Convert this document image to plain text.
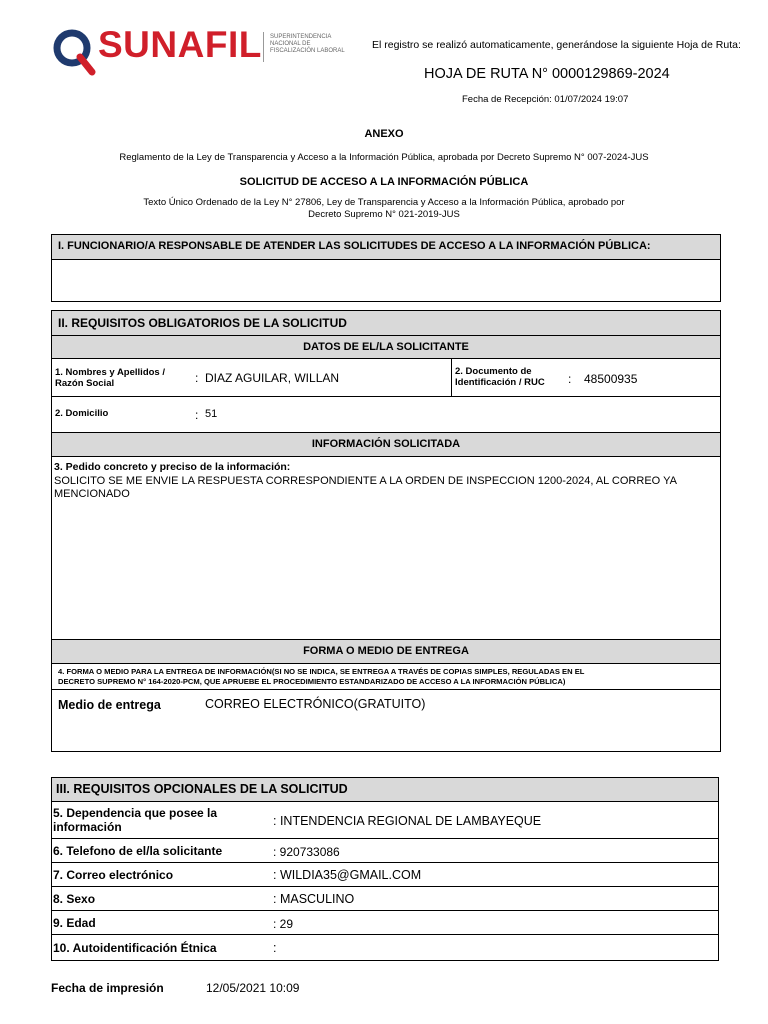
SUNAFIL SUPERINTENDENCIA NACIONAL DE FISCALIZACIÓN LABORAL	El registro se realizó automaticamente, generándose la siguiente Hoja de Ruta:
HOJA DE RUTA N° 0000129869-2024
Fecha de Recepción: 01/07/2024 19:07
ANEXO
Reglamento de la Ley de Transparencia y Acceso a la Información Pública, aprobada por Decreto Supremo N° 007-2024-JUS
SOLICITUD DE ACCESO A LA INFORMACIÓN PÚBLICA
Texto Único Ordenado de la Ley N° 27806, Ley de Transparencia y Acceso a la Información Pública, aprobado por
Decreto Supremo N° 021-2019-JUS
I. FUNCIONARIO/A RESPONSABLE DE ATENDER LAS SOLICITUDES DE ACCESO A LA INFORMACIÓN PÚBLICA:
II. REQUISITOS OBLIGATORIOS DE LA SOLICITUD
DATOS DE EL/LA SOLICITANTE
1. Nombres y Apellidos /
Razón Social	: DIAZ AGUILAR, WILLAN	2. Documento de
Identificación / RUC : 48500935
2. Domicilio	: 51
INFORMACIÓN SOLICITADA
3. Pedido concreto y preciso de la información:
SOLICITO SE ME ENVIE LA RESPUESTA CORRESPONDIENTE A LA ORDEN DE INSPECCION 1200-2024, AL CORREO YA
MENCIONADO
FORMA O MEDIO DE ENTREGA
4. FORMA O MEDIO PARA LA ENTREGA DE INFORMACIÓN(SI NO SE INDICA, SE ENTREGA A TRAVÉS DE COPIAS SIMPLES, REGULADAS EN EL
DECRETO SUPREMO N° 164-2020-PCM, QUE APRUEBE EL PROCEDIMIENTO ESTANDARIZADO DE ACCESO A LA INFORMACIÓN PÚBLICA)
Medio de entrega	CORREO ELECTRÓNICO(GRATUITO)
III. REQUISITOS OPCIONALES DE LA SOLICITUD
5. Dependencia que posee la
información	: INTENDENCIA REGIONAL DE LAMBAYEQUE
6. Telefono de el/la solicitante	: 920733086
7. Correo electrónico	: WILDIA35@GMAIL.COM
8. Sexo	: MASCULINO
9. Edad	: 29
10. Autoidentificación Étnica	:
Fecha de impresión	12/05/2021 10:09
